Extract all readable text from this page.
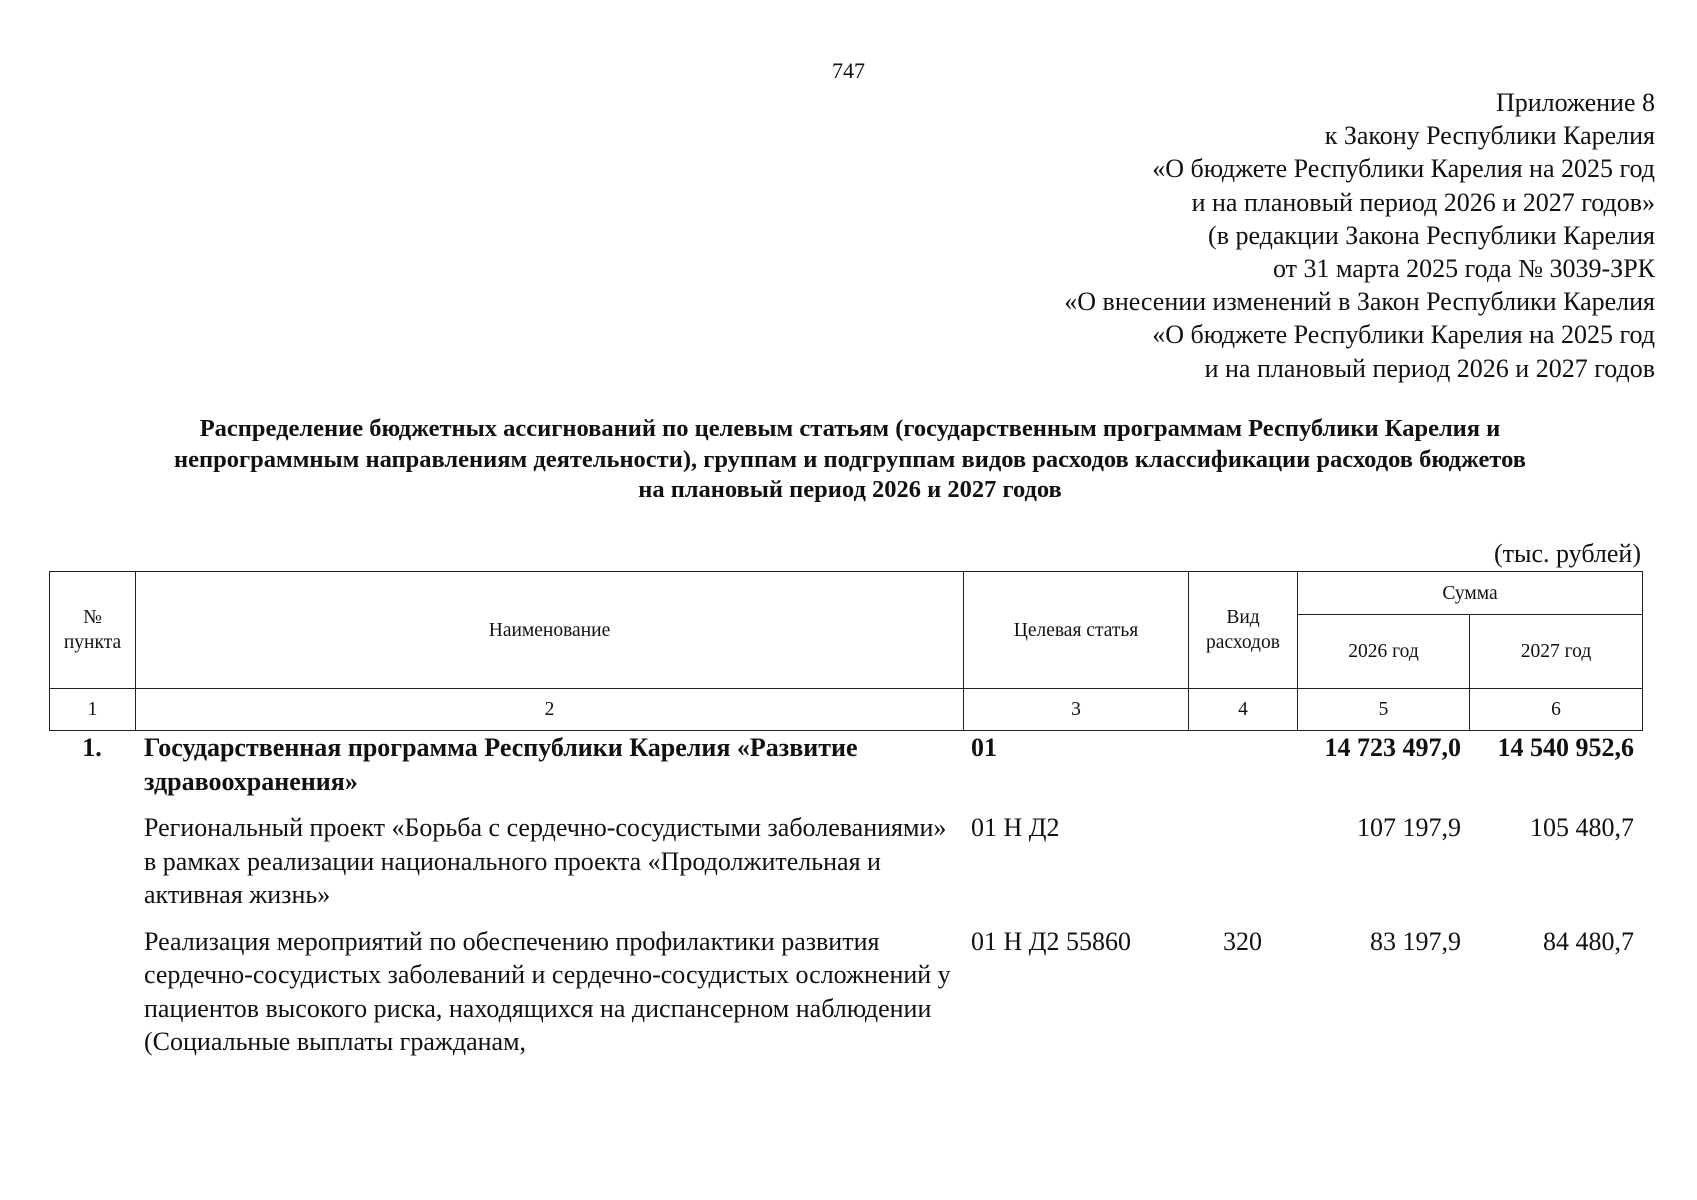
747
Приложение 8
к Закону Республики Карелия
«О бюджете Республики Карелия на 2025 год
и на плановый период 2026 и 2027 годов»
(в редакции Закона Республики Карелия
от 31 марта 2025 года № 3039-ЗРК
«О внесении изменений в Закон Республики Карелия
«О бюджете Республики Карелия на 2025 год
и на плановый период 2026 и 2027 годов
Распределение бюджетных ассигнований по целевым статьям (государственным программам Республики Карелия и
непрограммным направлениям деятельности), группам и подгруппам видов расходов классификации расходов бюджетов
на плановый период 2026 и 2027 годов
(тыс. рублей)
№ пункта	Наименование	Целевая статья	Вид расходов	Сумма	
				2026 год	2027 год
1	2	3	4	5	6
1.	Государственная программа Республики Карелия «Развитие здравоохранения»	01		14 723 497,0	14 540 952,6
	Региональный проект «Борьба с сердечно-сосудистыми заболеваниями» в рамках реализации национального проекта «Продолжительная и активная жизнь»	01 Н Д2		107 197,9	105 480,7
	Реализация мероприятий по обеспечению профилактики развития сердечно-сосудистых заболеваний и сердечно-сосудистых осложнений у пациентов высокого риска, находящихся на диспансерном наблюдении (Социальные выплаты гражданам,	01 Н Д2 55860	320	83 197,9	84 480,7
